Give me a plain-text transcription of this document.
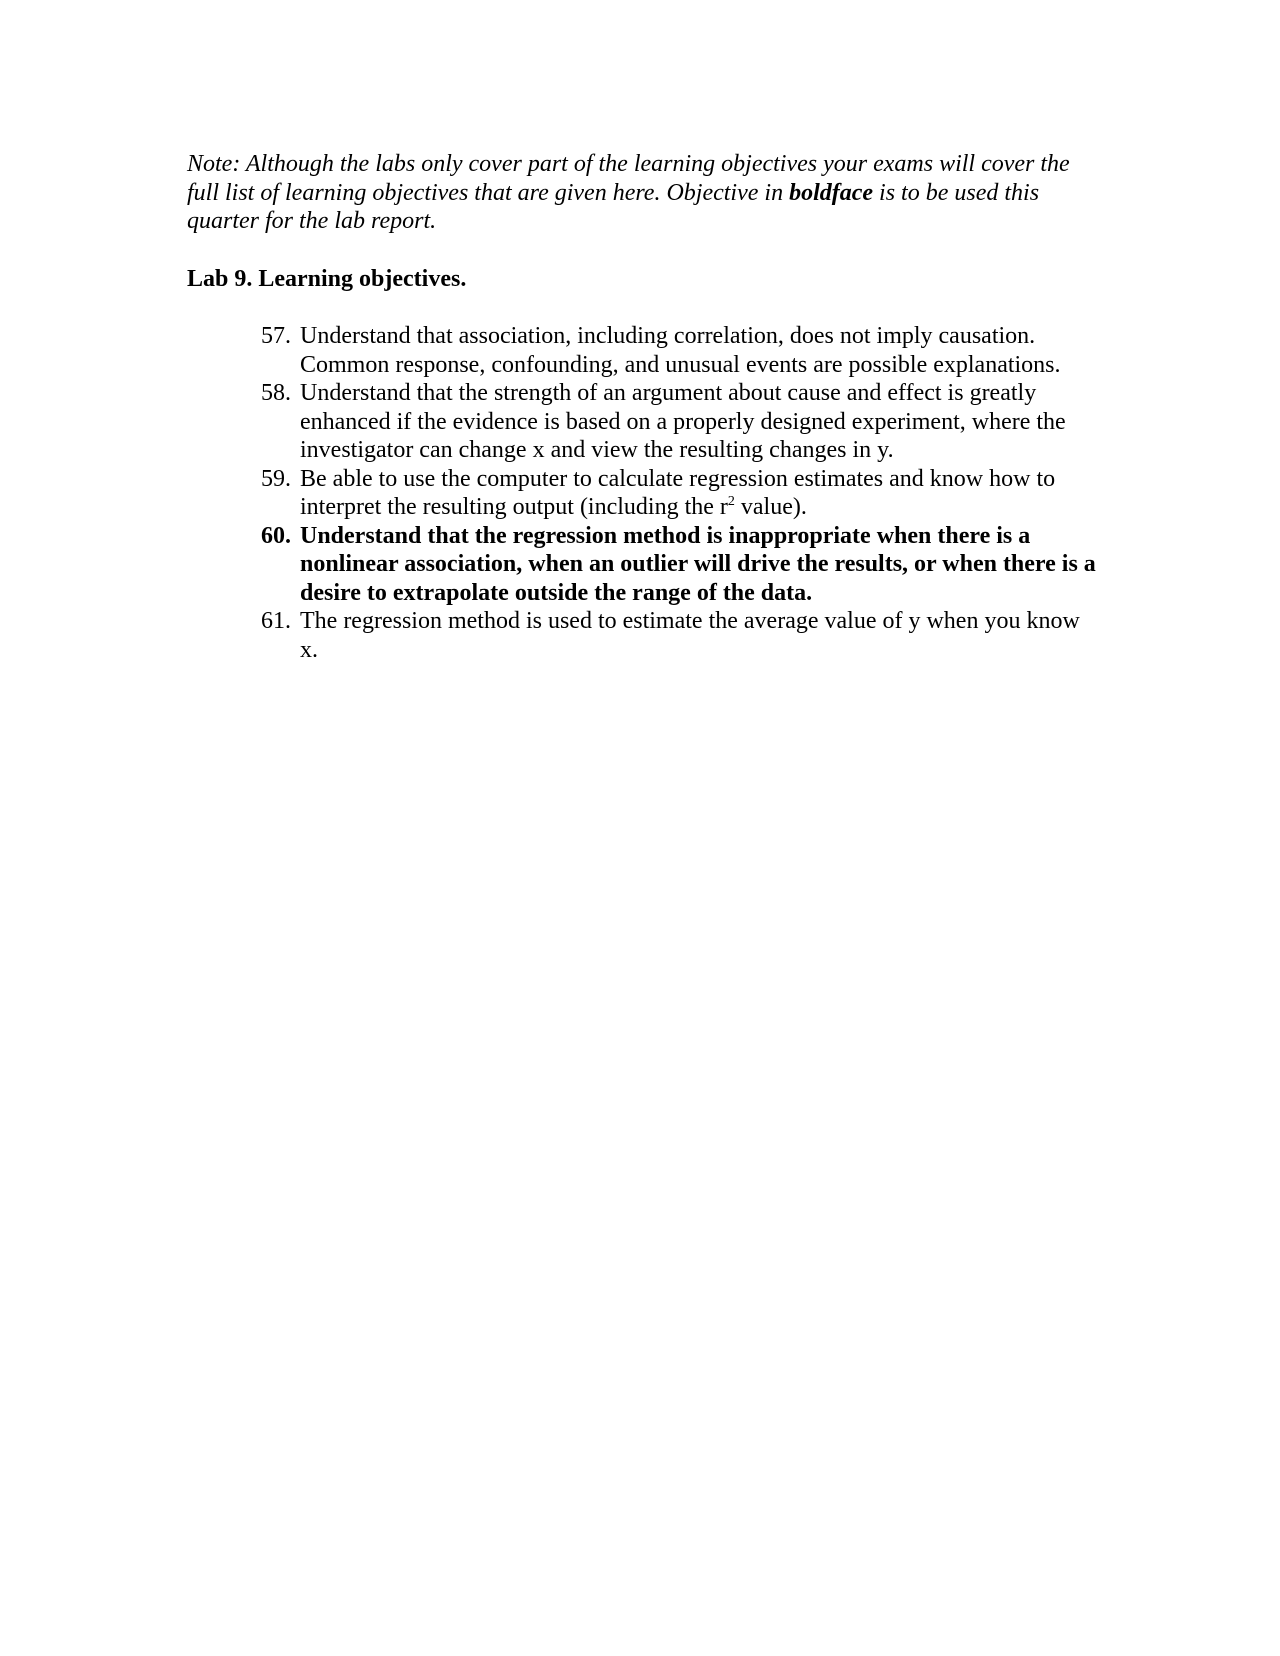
Note: Although the labs only cover part of the learning objectives your exams will cover the full list of learning objectives that are given here. Objective in boldface is to be used this quarter for the lab report.

Lab 9. Learning objectives.

57. Understand that association, including correlation, does not imply causation. Common response, confounding, and unusual events are possible explanations.
58. Understand that the strength of an argument about cause and effect is greatly enhanced if the evidence is based on a properly designed experiment, where the investigator can change x and view the resulting changes in y.
59. Be able to use the computer to calculate regression estimates and know how to interpret the resulting output (including the $r^2$ value).
60. Understand that the regression method is inappropriate when there is a nonlinear association, when an outlier will drive the results, or when there is a desire to extrapolate outside the range of the data.
61. The regression method is used to estimate the average value of y when you know x.
